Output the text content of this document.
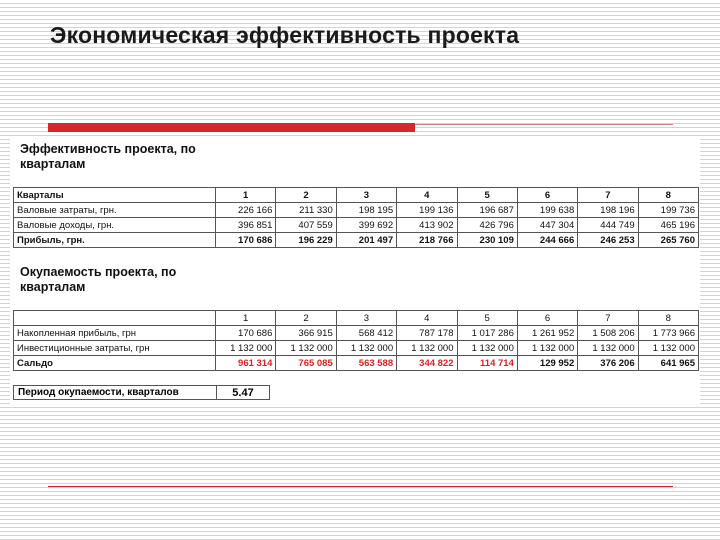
Экономическая эффективность проекта
Эффективность проекта, по
кварталам
Кварталы	1	2	3	4	5	6	7	8
Валовые затраты, грн.	226 166	211 330	198 195	199 136	196 687	199 638	198 196	199 736
Валовые доходы, грн.	396 851	407 559	399 692	413 902	426 796	447 304	444 749	465 196
Прибыль, грн.	170 686	196 229	201 497	218 766	230 109	244 666	246 253	265 760
Окупаемость проекта, по
кварталам
	1	2	3	4	5	6	7	8
Накопленная прибыль, грн	170 686	366 915	568 412	787 178	1 017 286	1 261 952	1 508 206	1 773 966
Инвестиционные затраты, грн	1 132 000	1 132 000	1 132 000	1 132 000	1 132 000	1 132 000	1 132 000	1 132 000
Сальдо	961 314	765 085	563 588	344 822	114 714	129 952	376 206	641 965
Период окупаемости, кварталов	5.47
